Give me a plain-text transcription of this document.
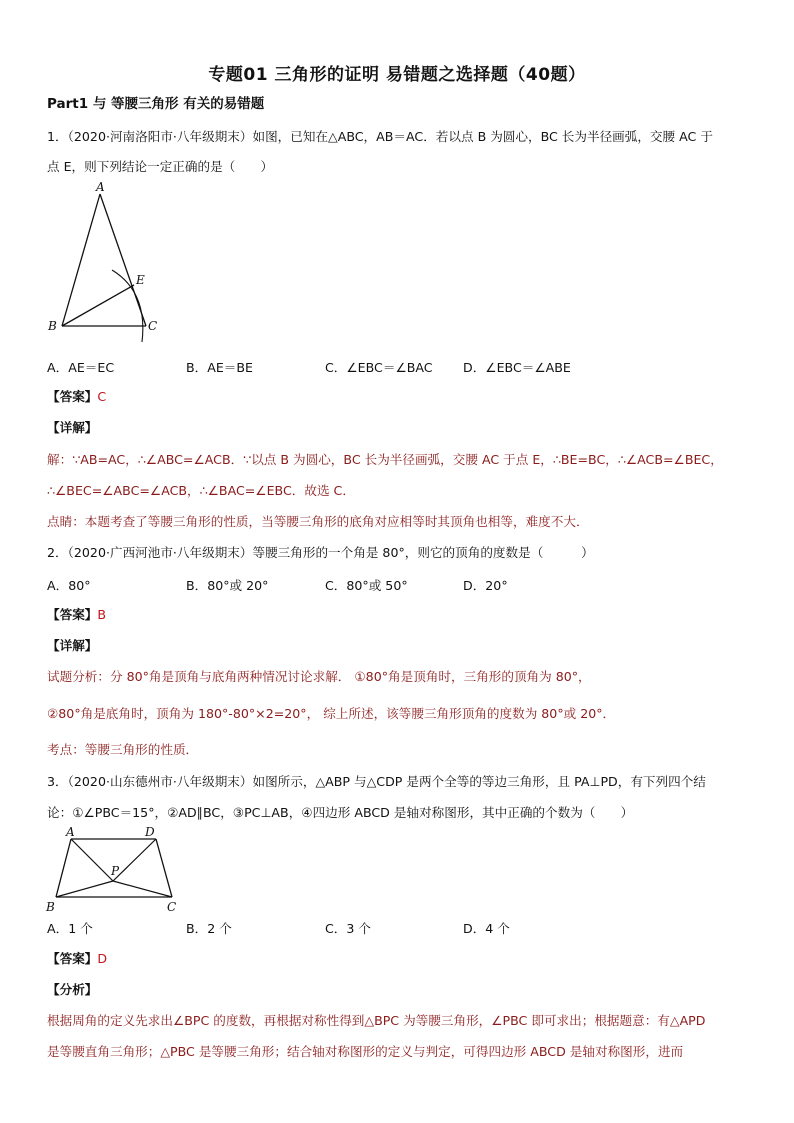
专题01 三角形的证明 易错题之选择题（40题）
Part1 与 等腰三角形 有关的易错题
1．（2020·河南洛阳市·八年级期末）如图，已知在△ABC，AB＝AC．若以点 B 为圆心，BC 长为半径画弧，交腰 AC 于
点 E，则下列结论一定正确的是（　　）
A
E
B	C
A．AE＝EC	B．AE＝BE	C．∠EBC＝∠BAC D．∠EBC＝∠ABE
【答案】C
【详解】
解：∵AB=AC，∴∠ABC=∠ACB．∵以点 B 为圆心，BC 长为半径画弧，交腰 AC 于点 E，∴BE=BC，∴∠ACB=∠BEC，
∴∠BEC=∠ABC=∠ACB，∴∠BAC=∠EBC．故选 C．
点睛：本题考查了等腰三角形的性质，当等腰三角形的底角对应相等时其顶角也相等，难度不大．
2．（2020·广西河池市·八年级期末）等腰三角形的一个角是 80°，则它的顶角的度数是（　　　）
A．80°	B．80°或 20°	C．80°或 50°	D．20°
【答案】B
【详解】
试题分析：分 80°角是顶角与底角两种情况讨论求解． ①80°角是顶角时，三角形的顶角为 80°，
②80°角是底角时，顶角为 180°-80°×2=20°， 综上所述，该等腰三角形顶角的度数为 80°或 20°．
考点：等腰三角形的性质．
3．（2020·山东德州市·八年级期末）如图所示，△ABP 与△CDP 是两个全等的等边三角形，且 PA⊥PD，有下列四个结
论：①∠PBC＝15°，②AD∥BC，③PC⊥AB，④四边形 ABCD 是轴对称图形，其中正确的个数为（　　）
A	D
P
B	C
A．1 个	B．2 个	C．3 个	D．4 个
【答案】D
【分析】
根据周角的定义先求出∠BPC 的度数，再根据对称性得到△BPC 为等腰三角形，∠PBC 即可求出；根据题意：有△APD
是等腰直角三角形；△PBC 是等腰三角形；结合轴对称图形的定义与判定，可得四边形 ABCD 是轴对称图形，进而
